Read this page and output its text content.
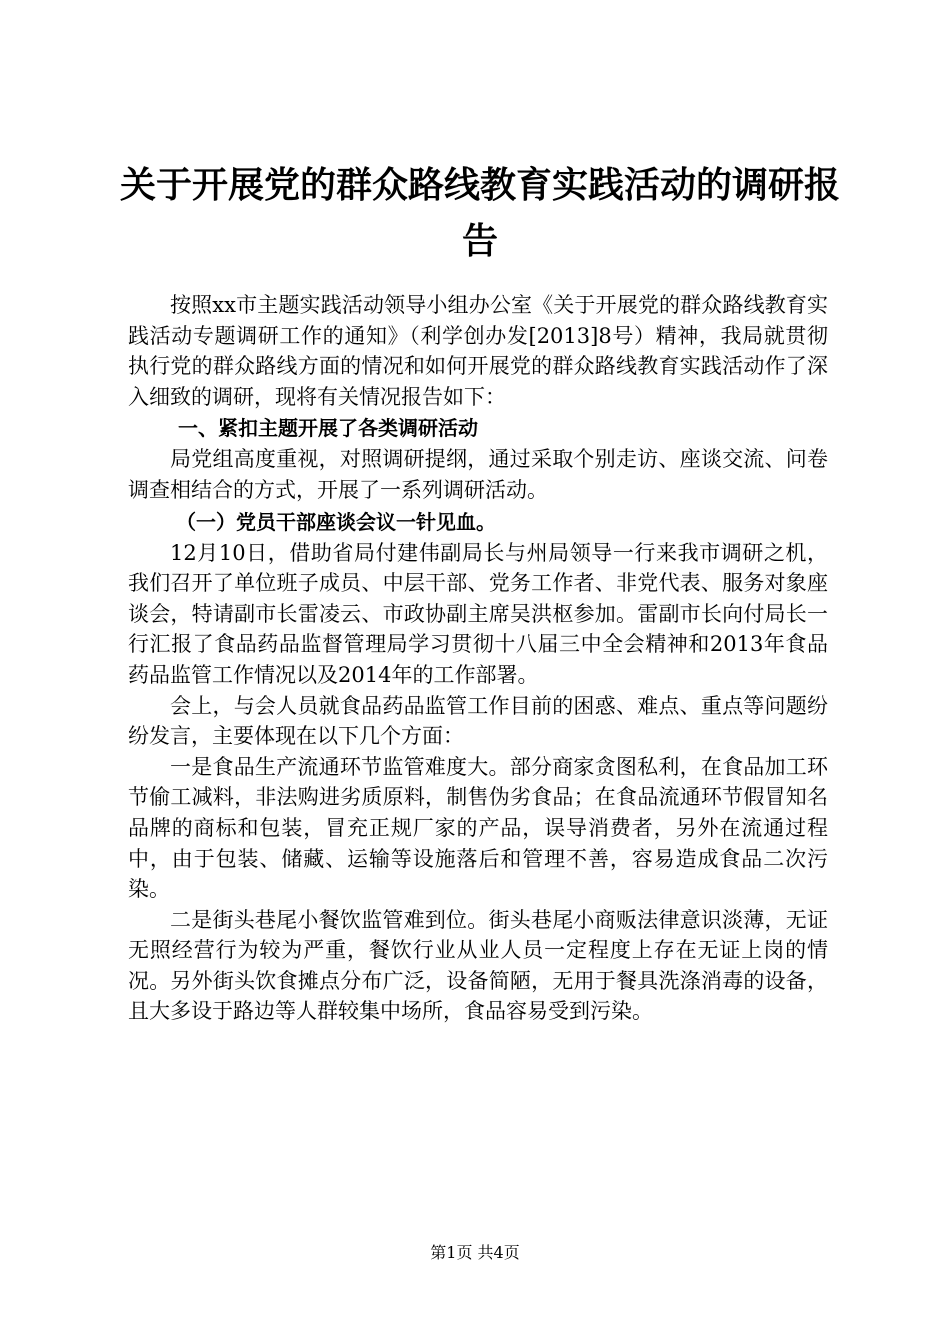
关于开展党的群众路线教育实践活动的调研报告

按照xx市主题实践活动领导小组办公室《关于开展党的群众路线教育实践活动专题调研工作的通知》（利学创办发[2013]8号）精神，我局就贯彻执行党的群众路线方面的情况和如何开展党的群众路线教育实践活动作了深入细致的调研，现将有关情况报告如下：

一、紧扣主题开展了各类调研活动

局党组高度重视，对照调研提纲，通过采取个别走访、座谈交流、问卷调查相结合的方式，开展了一系列调研活动。

（一）党员干部座谈会议一针见血。

12月10日，借助省局付建伟副局长与州局领导一行来我市调研之机，我们召开了单位班子成员、中层干部、党务工作者、非党代表、服务对象座谈会，特请副市长雷凌云、市政协副主席吴洪枢参加。雷副市长向付局长一行汇报了食品药品监督管理局学习贯彻十八届三中全会精神和2013年食品药品监管工作情况以及2014年的工作部署。

会上，与会人员就食品药品监管工作目前的困惑、难点、重点等问题纷纷发言，主要体现在以下几个方面：

一是食品生产流通环节监管难度大。部分商家贪图私利，在食品加工环节偷工减料，非法购进劣质原料，制售伪劣食品；在食品流通环节假冒知名品牌的商标和包装，冒充正规厂家的产品，误导消费者，另外在流通过程中，由于包装、储藏、运输等设施落后和管理不善，容易造成食品二次污染。

二是街头巷尾小餐饮监管难到位。街头巷尾小商贩法律意识淡薄，无证无照经营行为较为严重，餐饮行业从业人员一定程度上存在无证上岗的情况。另外街头饮食摊点分布广泛，设备简陋，无用于餐具洗涤消毒的设备，且大多设于路边等人群较集中场所，食品容易受到污染。

第1页 共4页
